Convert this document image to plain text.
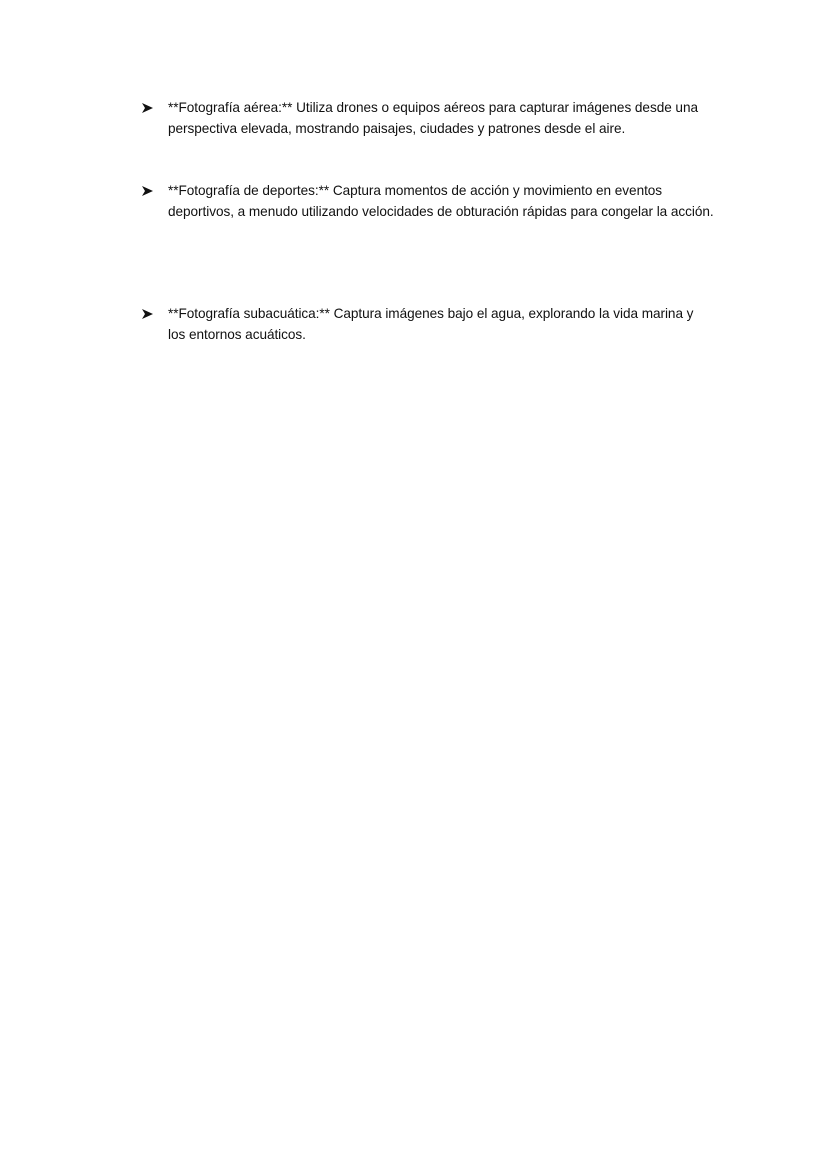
**Fotografía aérea:** Utiliza drones o equipos aéreos para capturar imágenes desde una perspectiva elevada, mostrando paisajes, ciudades y patrones desde el aire.
**Fotografía de deportes:** Captura momentos de acción y movimiento en eventos deportivos, a menudo utilizando velocidades de obturación rápidas para congelar la acción.
**Fotografía subacuática:** Captura imágenes bajo el agua, explorando la vida marina y los entornos acuáticos.
